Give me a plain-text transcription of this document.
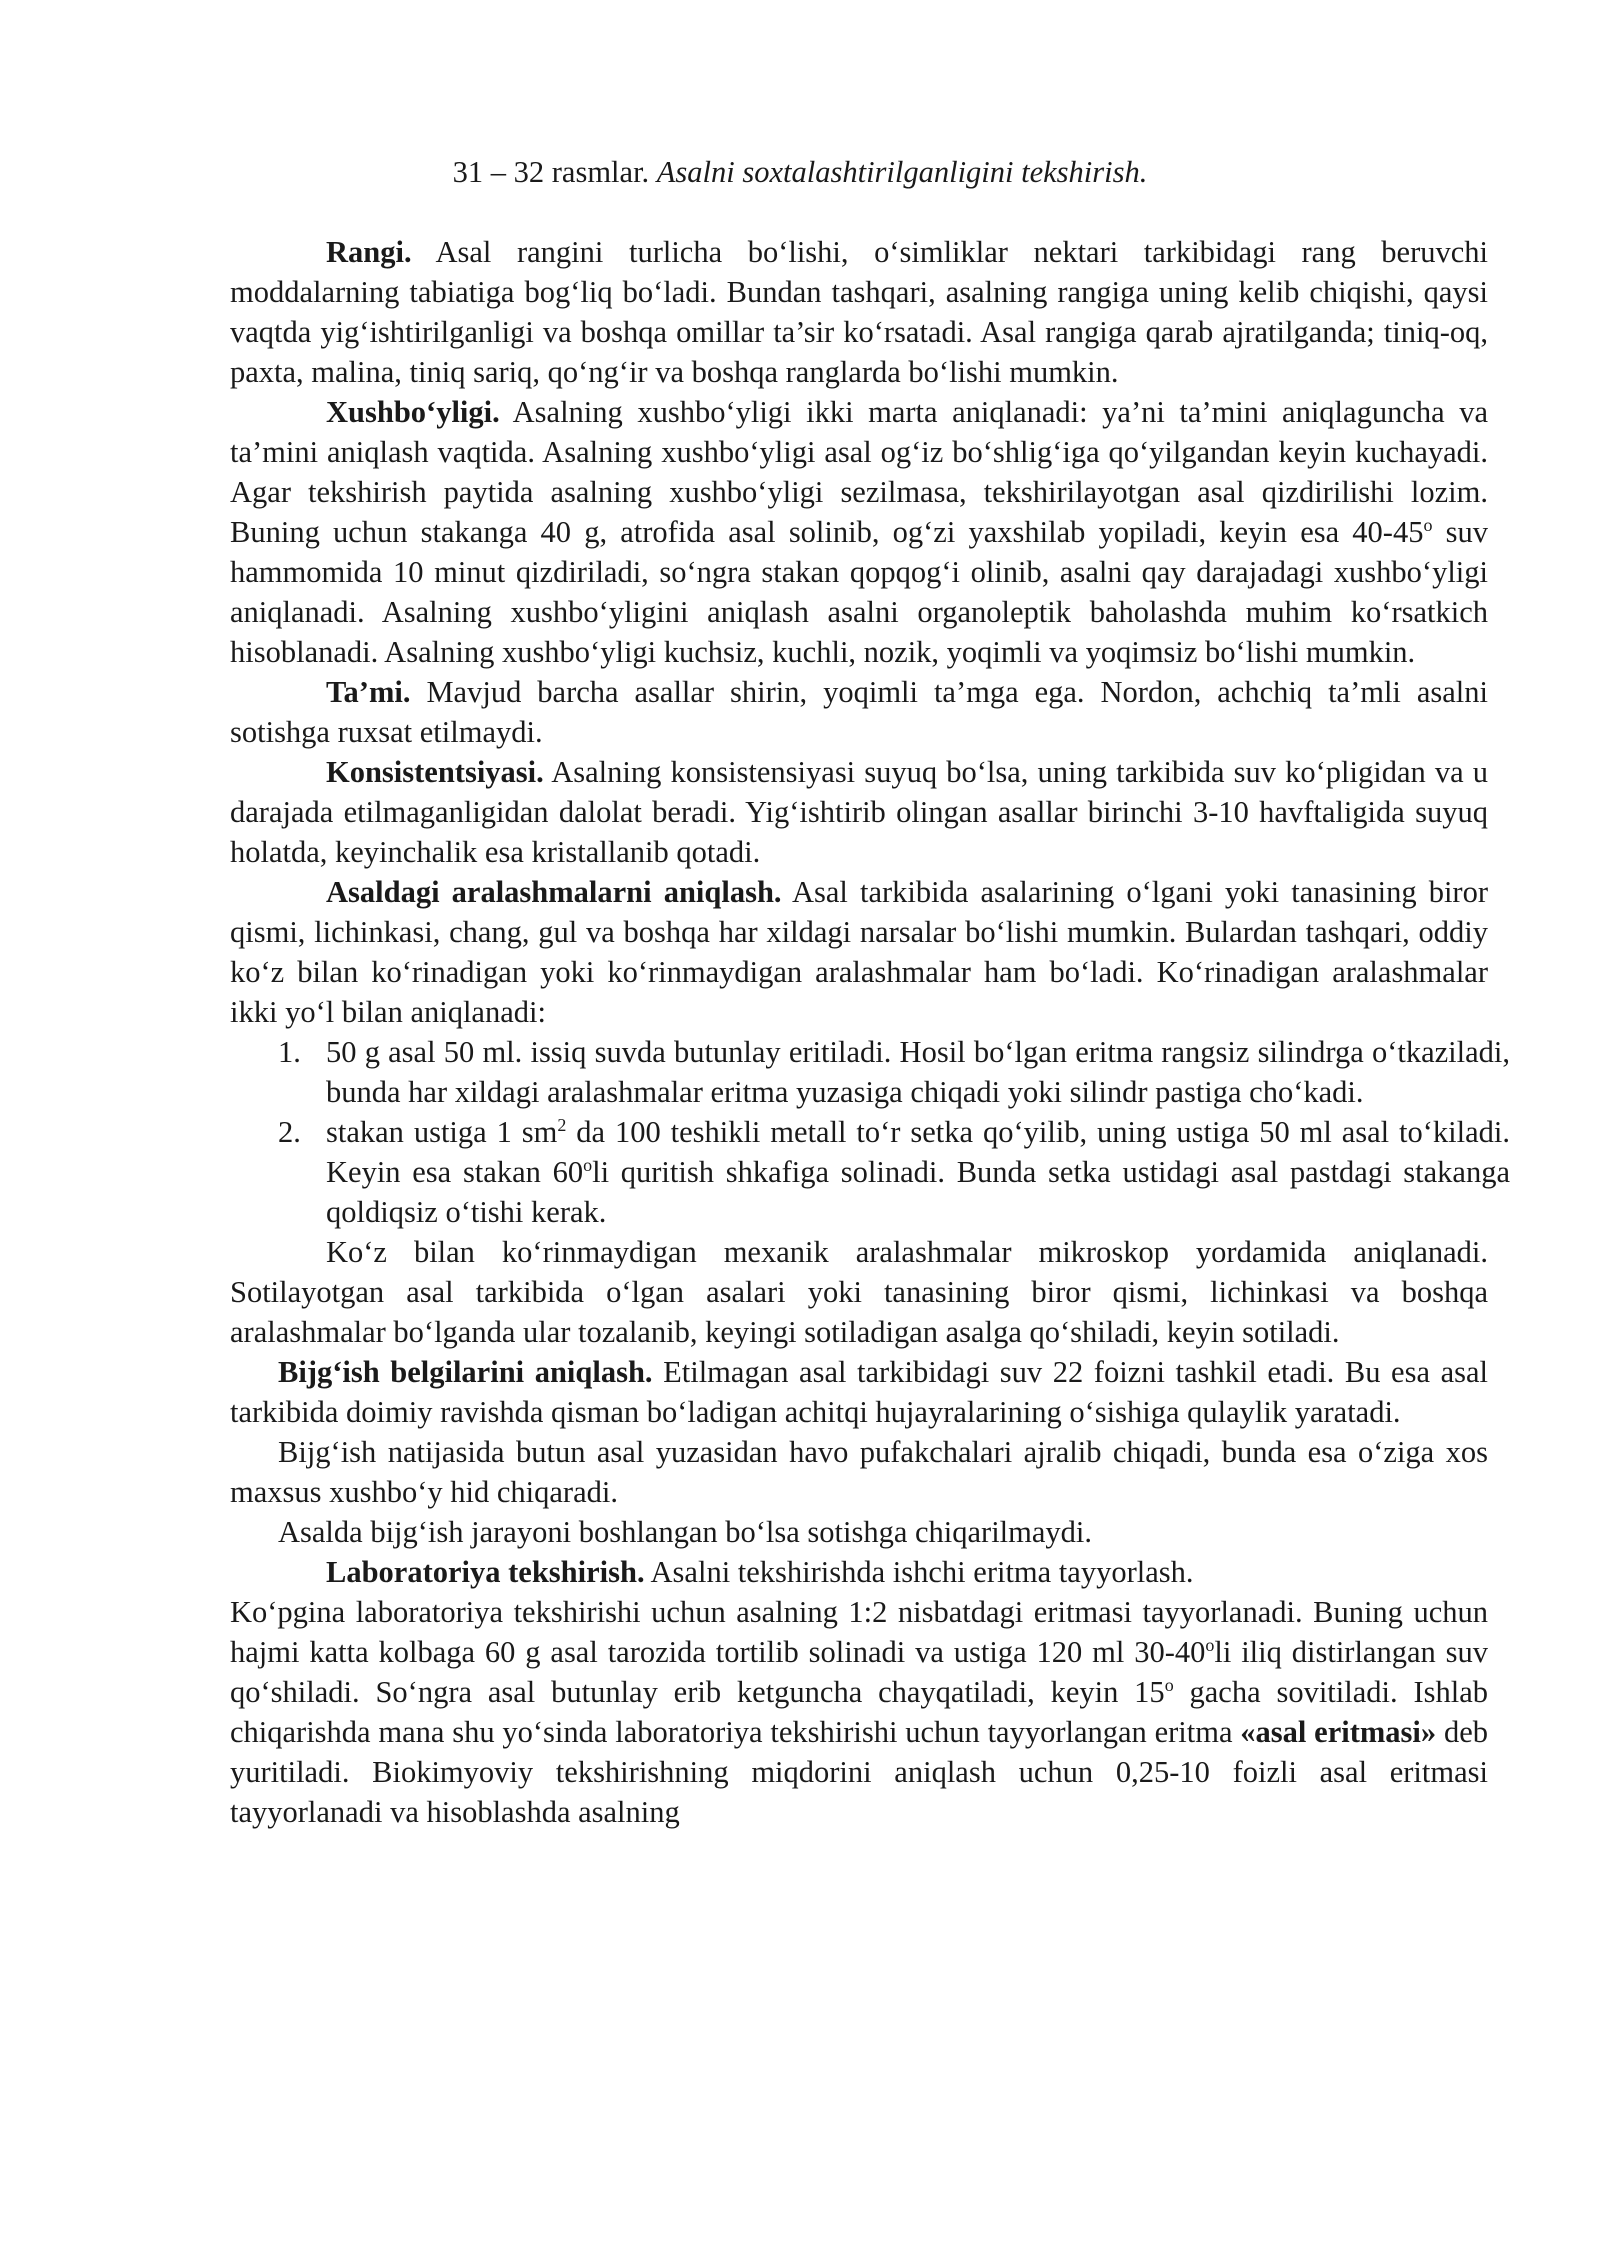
31 – 32 rasmlar. Asalni soxtalashtirilganligini tekshirish.

Rangi. Asal rangini turlicha bo‘lishi, o‘simliklar nektari tarkibidagi rang beruvchi moddalarning tabiatiga bog‘liq bo‘ladi. Bundan tashqari, asalning rangiga uning kelib chiqishi, qaysi vaqtda yig‘ishtirilganligi va boshqa omillar ta’sir ko‘rsatadi. Asal rangiga qarab ajratilganda; tiniq-oq, paxta, malina, tiniq sariq, qo‘ng‘ir va boshqa ranglarda bo‘lishi mumkin.

Xushbo‘yligi. Asalning xushbo‘yligi ikki marta aniqlanadi: ya’ni ta’mini aniqlaguncha va ta’mini aniqlash vaqtida. Asalning xushbo‘yligi asal og‘iz bo‘shlig‘iga qo‘yilgandan keyin kuchayadi. Agar tekshirish paytida asalning xushbo‘yligi sezilmasa, tekshirilayotgan asal qizdirilishi lozim. Buning uchun stakanga 40 g, atrofida asal solinib, og‘zi yaxshilab yopiladi, keyin esa 40-45$^o$ suv hammomida 10 minut qizdiriladi, so‘ngra stakan qopqog‘i olinib, asalni qay darajadagi xushbo‘yligi aniqlanadi. Asalning xushbo‘yligini aniqlash asalni organoleptik baholashda muhim ko‘rsatkich hisoblanadi. Asalning xushbo‘yligi kuchsiz, kuchli, nozik, yoqimli va yoqimsiz bo‘lishi mumkin.

Ta’mi. Mavjud barcha asallar shirin, yoqimli ta’mga ega. Nordon, achchiq ta’mli asalni sotishga ruxsat etilmaydi.

Konsistentsiyasi. Asalning konsistensiyasi suyuq bo‘lsa, uning tarkibida suv ko‘pligidan va u darajada etilmaganligidan dalolat beradi. Yig‘ishtirib olingan asallar birinchi 3-10 havftaligida suyuq holatda, keyinchalik esa kristallanib qotadi.

Asaldagi aralashmalarni aniqlash. Asal tarkibida asalarining o‘lgani yoki tanasining biror qismi, lichinkasi, chang, gul va boshqa har xildagi narsalar bo‘lishi mumkin. Bulardan tashqari, oddiy ko‘z bilan ko‘rinadigan yoki ko‘rinmaydigan aralashmalar ham bo‘ladi. Ko‘rinadigan aralashmalar ikki yo‘l bilan aniqlanadi:

1. 50 g asal 50 ml. issiq suvda butunlay eritiladi. Hosil bo‘lgan eritma rangsiz silindrga o‘tkaziladi, bunda har xildagi aralashmalar eritma yuzasiga chiqadi yoki silindr pastiga cho‘kadi.
2. stakan ustiga 1 $sm^2$ da 100 teshikli metall to‘r setka qo‘yilib, uning ustiga 50 ml asal to‘kiladi. Keyin esa stakan 60$^o$li quritish shkafiga solinadi. Bunda setka ustidagi asal pastdagi stakanga qoldiqsiz o‘tishi kerak.

Ko‘z bilan ko‘rinmaydigan mexanik aralashmalar mikroskop yordamida aniqlanadi. Sotilayotgan asal tarkibida o‘lgan asalari yoki tanasining biror qismi, lichinkasi va boshqa aralashmalar bo‘lganda ular tozalanib, keyingi sotiladigan asalga qo‘shiladi, keyin sotiladi.

Bijg‘ish belgilarini aniqlash. Etilmagan asal tarkibidagi suv 22 foizni tashkil etadi. Bu esa asal tarkibida doimiy ravishda qisman bo‘ladigan achitqi hujayralarining o‘sishiga qulaylik yaratadi.

Bijg‘ish natijasida butun asal yuzasidan havo pufakchalari ajralib chiqadi, bunda esa o‘ziga xos maxsus xushbo‘y hid chiqaradi.

Asalda bijg‘ish jarayoni boshlangan bo‘lsa sotishga chiqarilmaydi.

Laboratoriya tekshirish. Asalni tekshirishda ishchi eritma tayyorlash.

Ko‘pgina laboratoriya tekshirishi uchun asalning 1:2 nisbatdagi eritmasi tayyorlanadi. Buning uchun hajmi katta kolbaga 60 g asal tarozida tortilib solinadi va ustiga 120 ml 30-40$^o$li iliq distirlangan suv qo‘shiladi. So‘ngra asal butunlay erib ketguncha chayqatiladi, keyin 15$^o$ gacha sovitiladi. Ishlab chiqarishda mana shu yo‘sinda laboratoriya tekshirishi uchun tayyorlangan eritma «asal eritmasi» deb yuritiladi. Biokimyoviy tekshirishning miqdorini aniqlash uchun 0,25-10 foizli asal eritmasi tayyorlanadi va hisoblashda asalning
